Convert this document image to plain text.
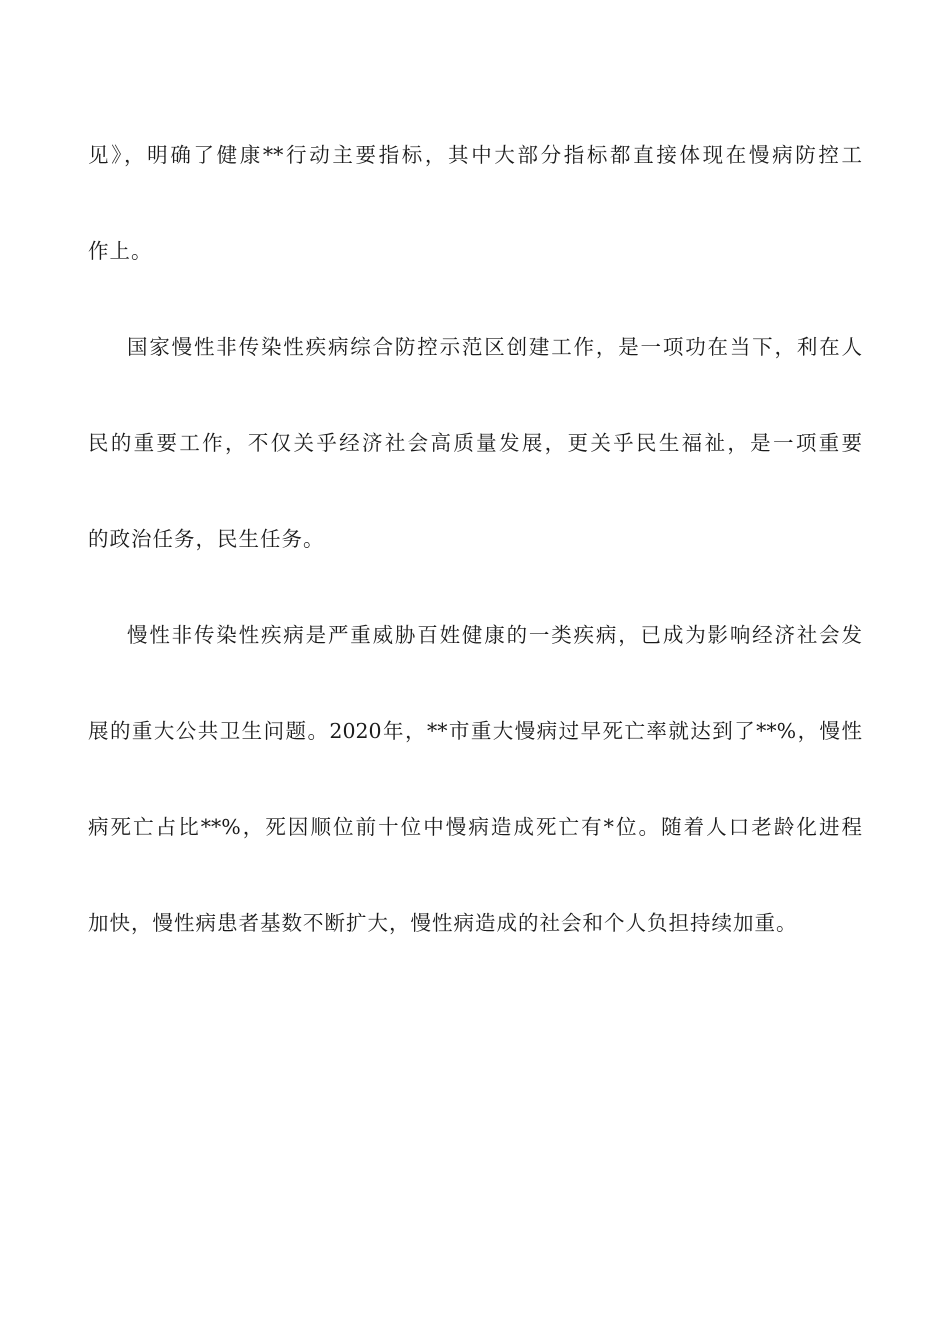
见》，明确了健康**行动主要指标，其中大部分指标都直接体现在慢病防控工
作上。
国家慢性非传染性疾病综合防控示范区创建工作，是一项功在当下，利在人
民的重要工作，不仅关乎经济社会高质量发展，更关乎民生福祉，是一项重要
的政治任务，民生任务。
慢性非传染性疾病是严重威胁百姓健康的一类疾病，已成为影响经济社会发
展的重大公共卫生问题。2020年，**市重大慢病过早死亡率就达到了**%，慢性
病死亡占比**%，死因顺位前十位中慢病造成死亡有*位。随着人口老龄化进程
加快，慢性病患者基数不断扩大，慢性病造成的社会和个人负担持续加重。
